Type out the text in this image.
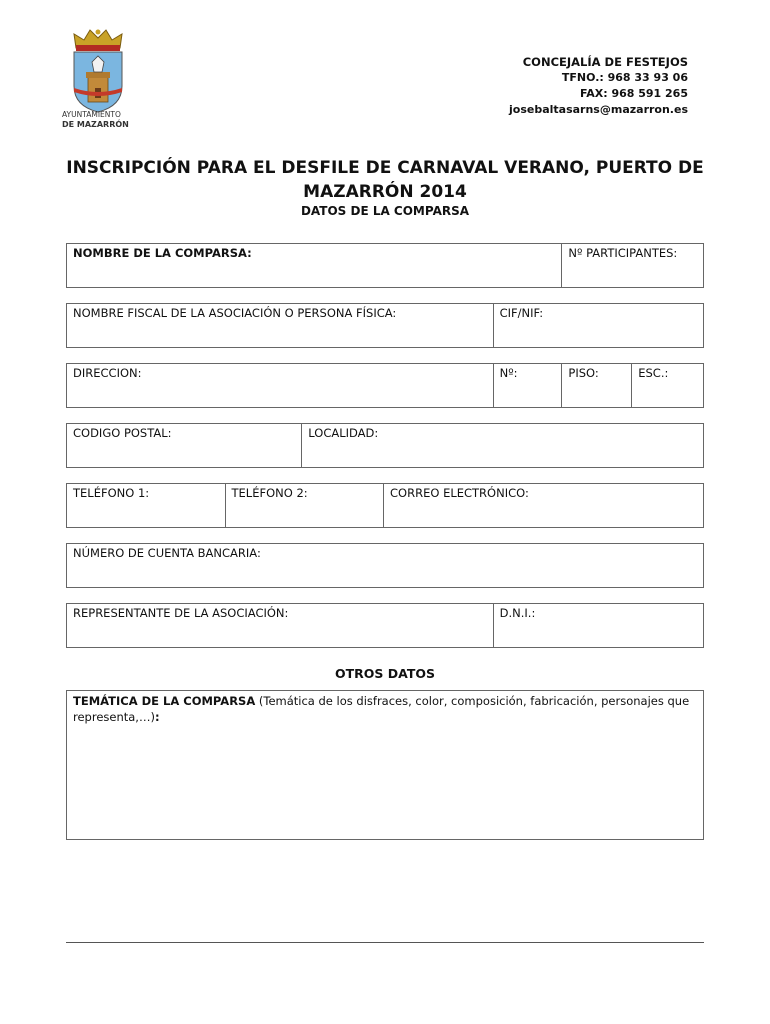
AYUNTAMIENTO
DE MAZARRÓN
CONCEJALÍA DE FESTEJOS
TFNO.: 968 33 93 06
FAX: 968 591 265
josebaltasarns@mazarron.es
INSCRIPCIÓN PARA EL DESFILE DE CARNAVAL VERANO, PUERTO DE
MAZARRÓN 2014
DATOS DE LA COMPARSA
NOMBRE DE LA COMPARSA:	Nº PARTICIPANTES:
NOMBRE FISCAL DE LA ASOCIACIÓN O PERSONA FÍSICA:	CIF/NIF:
DIRECCION:	Nº:	PISO:	ESC.:
CODIGO POSTAL:	LOCALIDAD:
TELÉFONO 1:	TELÉFONO 2:	CORREO ELECTRÓNICO:
NÚMERO DE CUENTA BANCARIA:
REPRESENTANTE DE LA ASOCIACIÓN:	D.N.I.:
OTROS DATOS
TEMÁTICA DE LA COMPARSA (Temática de los disfraces, color, composición, fabricación, personajes que representa,…):
